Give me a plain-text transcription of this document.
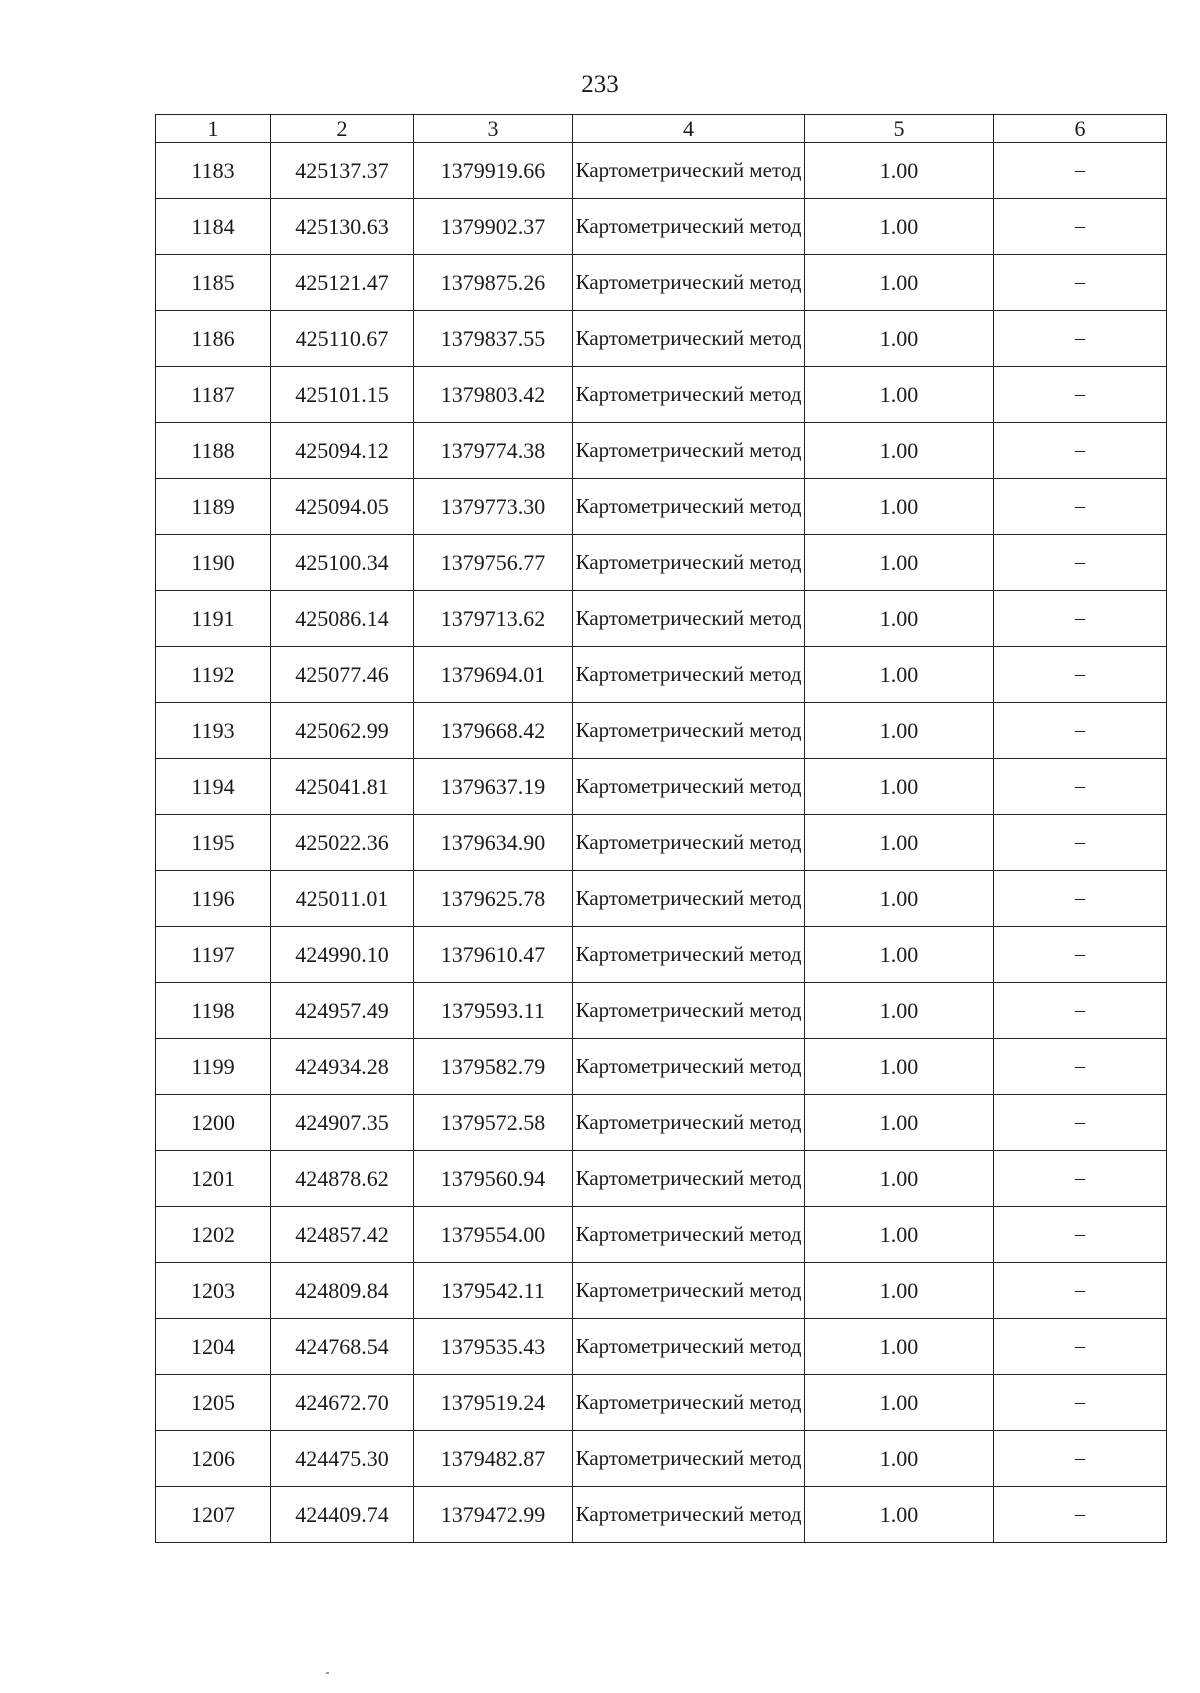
233
1	2	3	4	5	6
1183	425137.37	1379919.66	Картометрический метод	1.00	–
1184	425130.63	1379902.37	Картометрический метод	1.00	–
1185	425121.47	1379875.26	Картометрический метод	1.00	–
1186	425110.67	1379837.55	Картометрический метод	1.00	–
1187	425101.15	1379803.42	Картометрический метод	1.00	–
1188	425094.12	1379774.38	Картометрический метод	1.00	–
1189	425094.05	1379773.30	Картометрический метод	1.00	–
1190	425100.34	1379756.77	Картометрический метод	1.00	–
1191	425086.14	1379713.62	Картометрический метод	1.00	–
1192	425077.46	1379694.01	Картометрический метод	1.00	–
1193	425062.99	1379668.42	Картометрический метод	1.00	–
1194	425041.81	1379637.19	Картометрический метод	1.00	–
1195	425022.36	1379634.90	Картометрический метод	1.00	–
1196	425011.01	1379625.78	Картометрический метод	1.00	–
1197	424990.10	1379610.47	Картометрический метод	1.00	–
1198	424957.49	1379593.11	Картометрический метод	1.00	–
1199	424934.28	1379582.79	Картометрический метод	1.00	–
1200	424907.35	1379572.58	Картометрический метод	1.00	–
1201	424878.62	1379560.94	Картометрический метод	1.00	–
1202	424857.42	1379554.00	Картометрический метод	1.00	–
1203	424809.84	1379542.11	Картометрический метод	1.00	–
1204	424768.54	1379535.43	Картометрический метод	1.00	–
1205	424672.70	1379519.24	Картометрический метод	1.00	–
1206	424475.30	1379482.87	Картометрический метод	1.00	–
1207	424409.74	1379472.99	Картометрический метод	1.00	–
